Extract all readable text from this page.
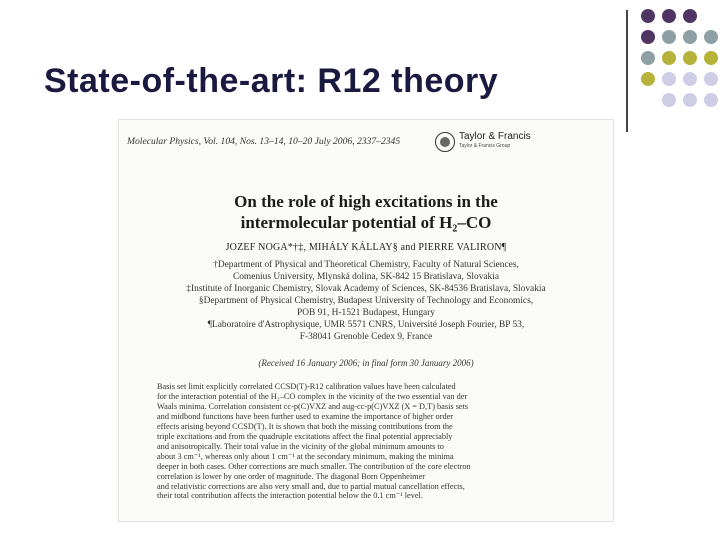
State-of-the-art: R12 theory
Molecular Physics, Vol. 104, Nos. 13–14, 10–20 July 2006, 2337–2345	Taylor & Francis
Taylor & Francis Group
On the role of high excitations in the
intermolecular potential of H₂–CO
JOZEF NOGA*†‡, MIHÁLY KÁLLAY§ and PIERRE VALIRON¶
†Department of Physical and Theoretical Chemistry, Faculty of Natural Sciences,
Comenius University, Mlynská dolina, SK-842 15 Bratislava, Slovakia
‡Institute of Inorganic Chemistry, Slovak Academy of Sciences, SK-84536 Bratislava, Slovakia
§Department of Physical Chemistry, Budapest University of Technology and Economics,
POB 91, H-1521 Budapest, Hungary
¶Laboratoire d'Astrophysique, UMR 5571 CNRS, Université Joseph Fourier, BP 53,
F-38041 Grenoble Cedex 9, France
(Received 16 January 2006; in final form 30 January 2006)
Basis set limit explicitly correlated CCSD(T)-R12 calibration values have been calculated
for the interaction potential of the H₂–CO complex in the vicinity of the two essential van der
Waals minima. Correlation consistent cc-p(C)VXZ and aug-cc-p(C)VXZ (X = D,T) basis sets
and midbond functions have been further used to examine the importance of higher order
effects arising beyond CCSD(T). It is shown that both the missing contributions from the
triple excitations and from the quadruple excitations affect the final potential appreciably
and anisotropically. Their total value in the vicinity of the global minimum amounts to
about 3 cm⁻¹, whereas only about 1 cm⁻¹ at the secondary minimum, making the minima
deeper in both cases. Other corrections are much smaller. The contribution of the core electron
correlation is lower by one order of magnitude. The diagonal Born Oppenheimer
and relativistic corrections are also very small and, due to partial mutual cancellation effects,
their total contribution affects the interaction potential below the 0.1 cm⁻¹ level.
